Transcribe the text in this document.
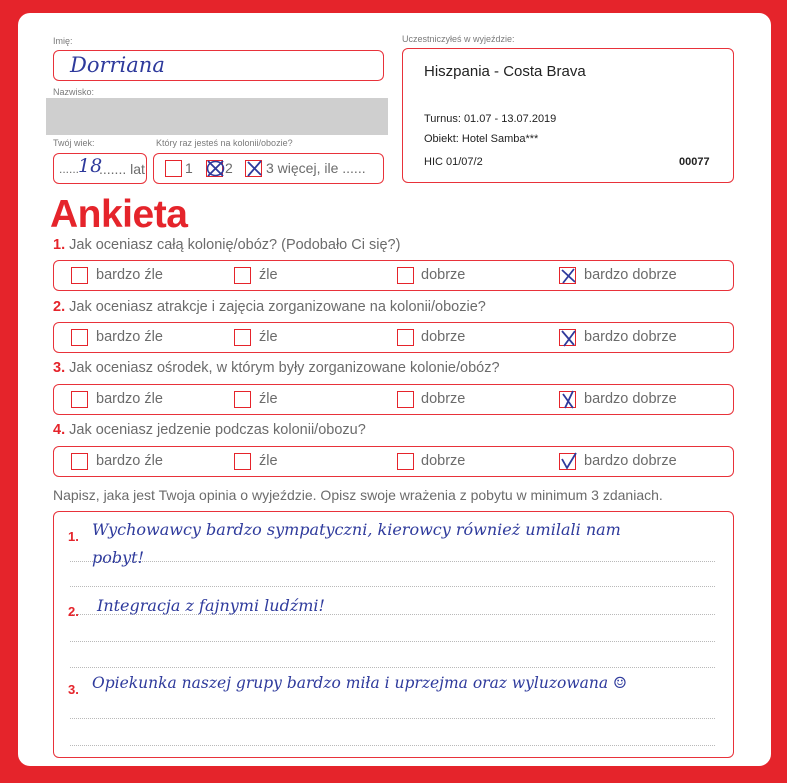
Imię:
Dorriana
Nazwisko:
Twój wiek:
......
18
....... lat
Który raz jesteś na kolonii/obozie?
1 2 3 więcej, ile ......
Uczestniczyłeś w wyjeździe:
Hiszpania - Costa Brava
Turnus: 01.07 - 13.07.2019
Obiekt: Hotel Samba***
HIC 01/07/2	00077
Ankieta
1. Jak oceniasz całą kolonię/obóz? (Podobało Ci się?)
bardzo źle	źle	dobrze	bardzo dobrze
2. Jak oceniasz atrakcje i zajęcia zorganizowane na kolonii/obozie?
bardzo źle	źle	dobrze	bardzo dobrze
3. Jak oceniasz ośrodek, w którym były zorganizowane kolonie/obóz?
bardzo źle	źle	dobrze	bardzo dobrze
4. Jak oceniasz jedzenie podczas kolonii/obozu?
bardzo źle	źle	dobrze	bardzo dobrze
Napisz, jaka jest Twoja opinia o wyjeździe. Opisz swoje wrażenia z pobytu w minimum 3 zdaniach.
1. Wychowawcy bardzo sympatyczni, kierowcy również umilali nam
pobyt!
2. Integracja z fajnymi ludźmi!
3. Opiekunka naszej grupy bardzo miła i uprzejma oraz wyluzowana ☺
